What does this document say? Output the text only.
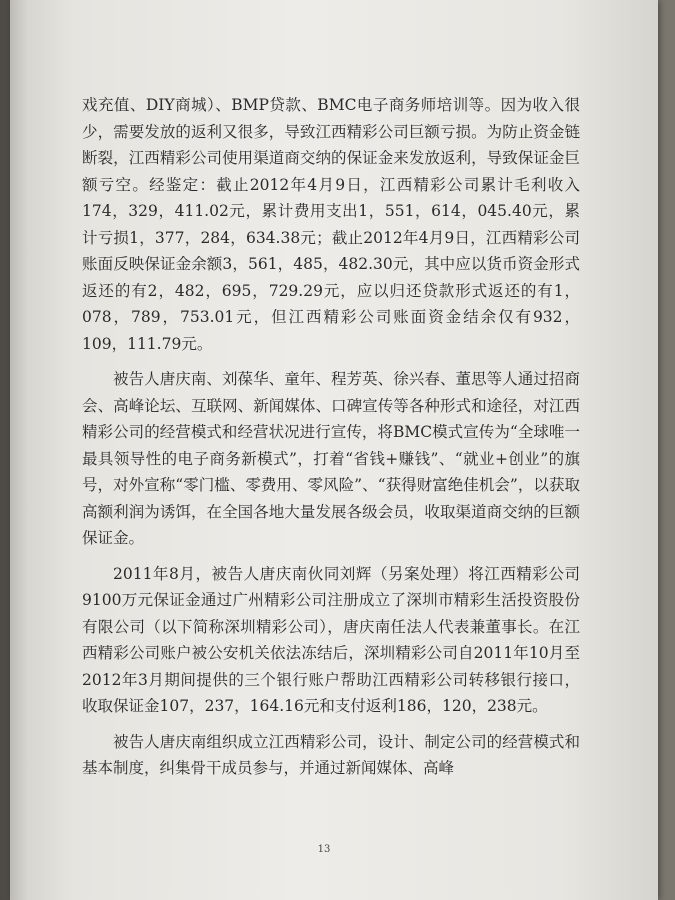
戏充值、DIY商城）、BMP贷款、BMC电子商务师培训等。因为收入很少，需要发放的返利又很多，导致江西精彩公司巨额亏损。为防止资金链断裂，江西精彩公司使用渠道商交纳的保证金来发放返利，导致保证金巨额亏空。经鉴定：截止2012年4月9日，江西精彩公司累计毛利收入174，329，411.02元，累计费用支出1，551，614，045.40元，累计亏损1，377，284，634.38元；截止2012年4月9日，江西精彩公司账面反映保证金余额3，561，485，482.30元，其中应以货币资金形式返还的有2，482，695，729.29元，应以归还贷款形式返还的有1，078，789，753.01元，但江西精彩公司账面资金结余仅有932，109，111.79元。

被告人唐庆南、刘葆华、童年、程芳英、徐兴春、董思等人通过招商会、高峰论坛、互联网、新闻媒体、口碑宣传等各种形式和途径，对江西精彩公司的经营模式和经营状况进行宣传，将BMC模式宣传为“全球唯一最具领导性的电子商务新模式”，打着“省钱+赚钱”、“就业+创业”的旗号，对外宣称“零门槛、零费用、零风险”、“获得财富绝佳机会”，以获取高额利润为诱饵，在全国各地大量发展各级会员，收取渠道商交纳的巨额保证金。

2011年8月，被告人唐庆南伙同刘辉（另案处理）将江西精彩公司9100万元保证金通过广州精彩公司注册成立了深圳市精彩生活投资股份有限公司（以下简称深圳精彩公司），唐庆南任法人代表兼董事长。在江西精彩公司账户被公安机关依法冻结后，深圳精彩公司自2011年10月至2012年3月期间提供的三个银行账户帮助江西精彩公司转移银行接口，收取保证金107，237，164.16元和支付返利186，120，238元。

被告人唐庆南组织成立江西精彩公司，设计、制定公司的经营模式和基本制度，纠集骨干成员参与，并通过新闻媒体、高峰

13
